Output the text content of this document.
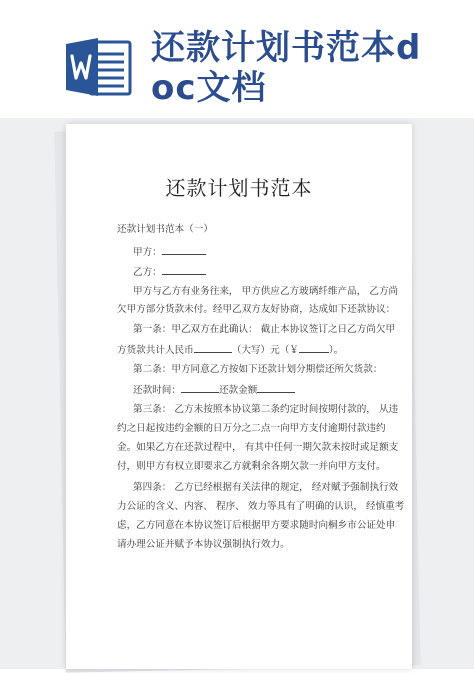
还款计划书范本d
oc文档
还款计划书范本
还款计划书范本（一）
甲方：
乙方：
甲方与乙方有业务往来， 甲方供应乙方玻璃纤维产品， 乙方尚
欠甲方部分货款未付。经甲乙双方友好协商，达成如下还款协议：
第一条：甲乙双方在此确认： 截止本协议签订之日乙方尚欠甲
方货款共计人民币	（大写）元（￥	）。
第二条：甲方同意乙方按如下还款计划分期偿还所欠货款：
还款时间：	还款金额
第三条： 乙方未按照本协议第二条约定时间按期付款的， 从违
约之日起按违约金额的日万分之二点一向甲方支付逾期付款违约
金。如果乙方在还款过程中， 有其中任何一期欠款未按时或足额支
付，则甲方有权立即要求乙方就剩余各期欠款一并向甲方支付。
第四条： 乙方已经根据有关法律的规定， 经对赋予强制执行效
力公证的含义、内容、 程序、 效力等具有了明确的认识， 经慎重考
虑，乙方同意在本协议签订后根据甲方要求随时向桐乡市公证处申
请办理公证并赋予本协议强制执行效力。
